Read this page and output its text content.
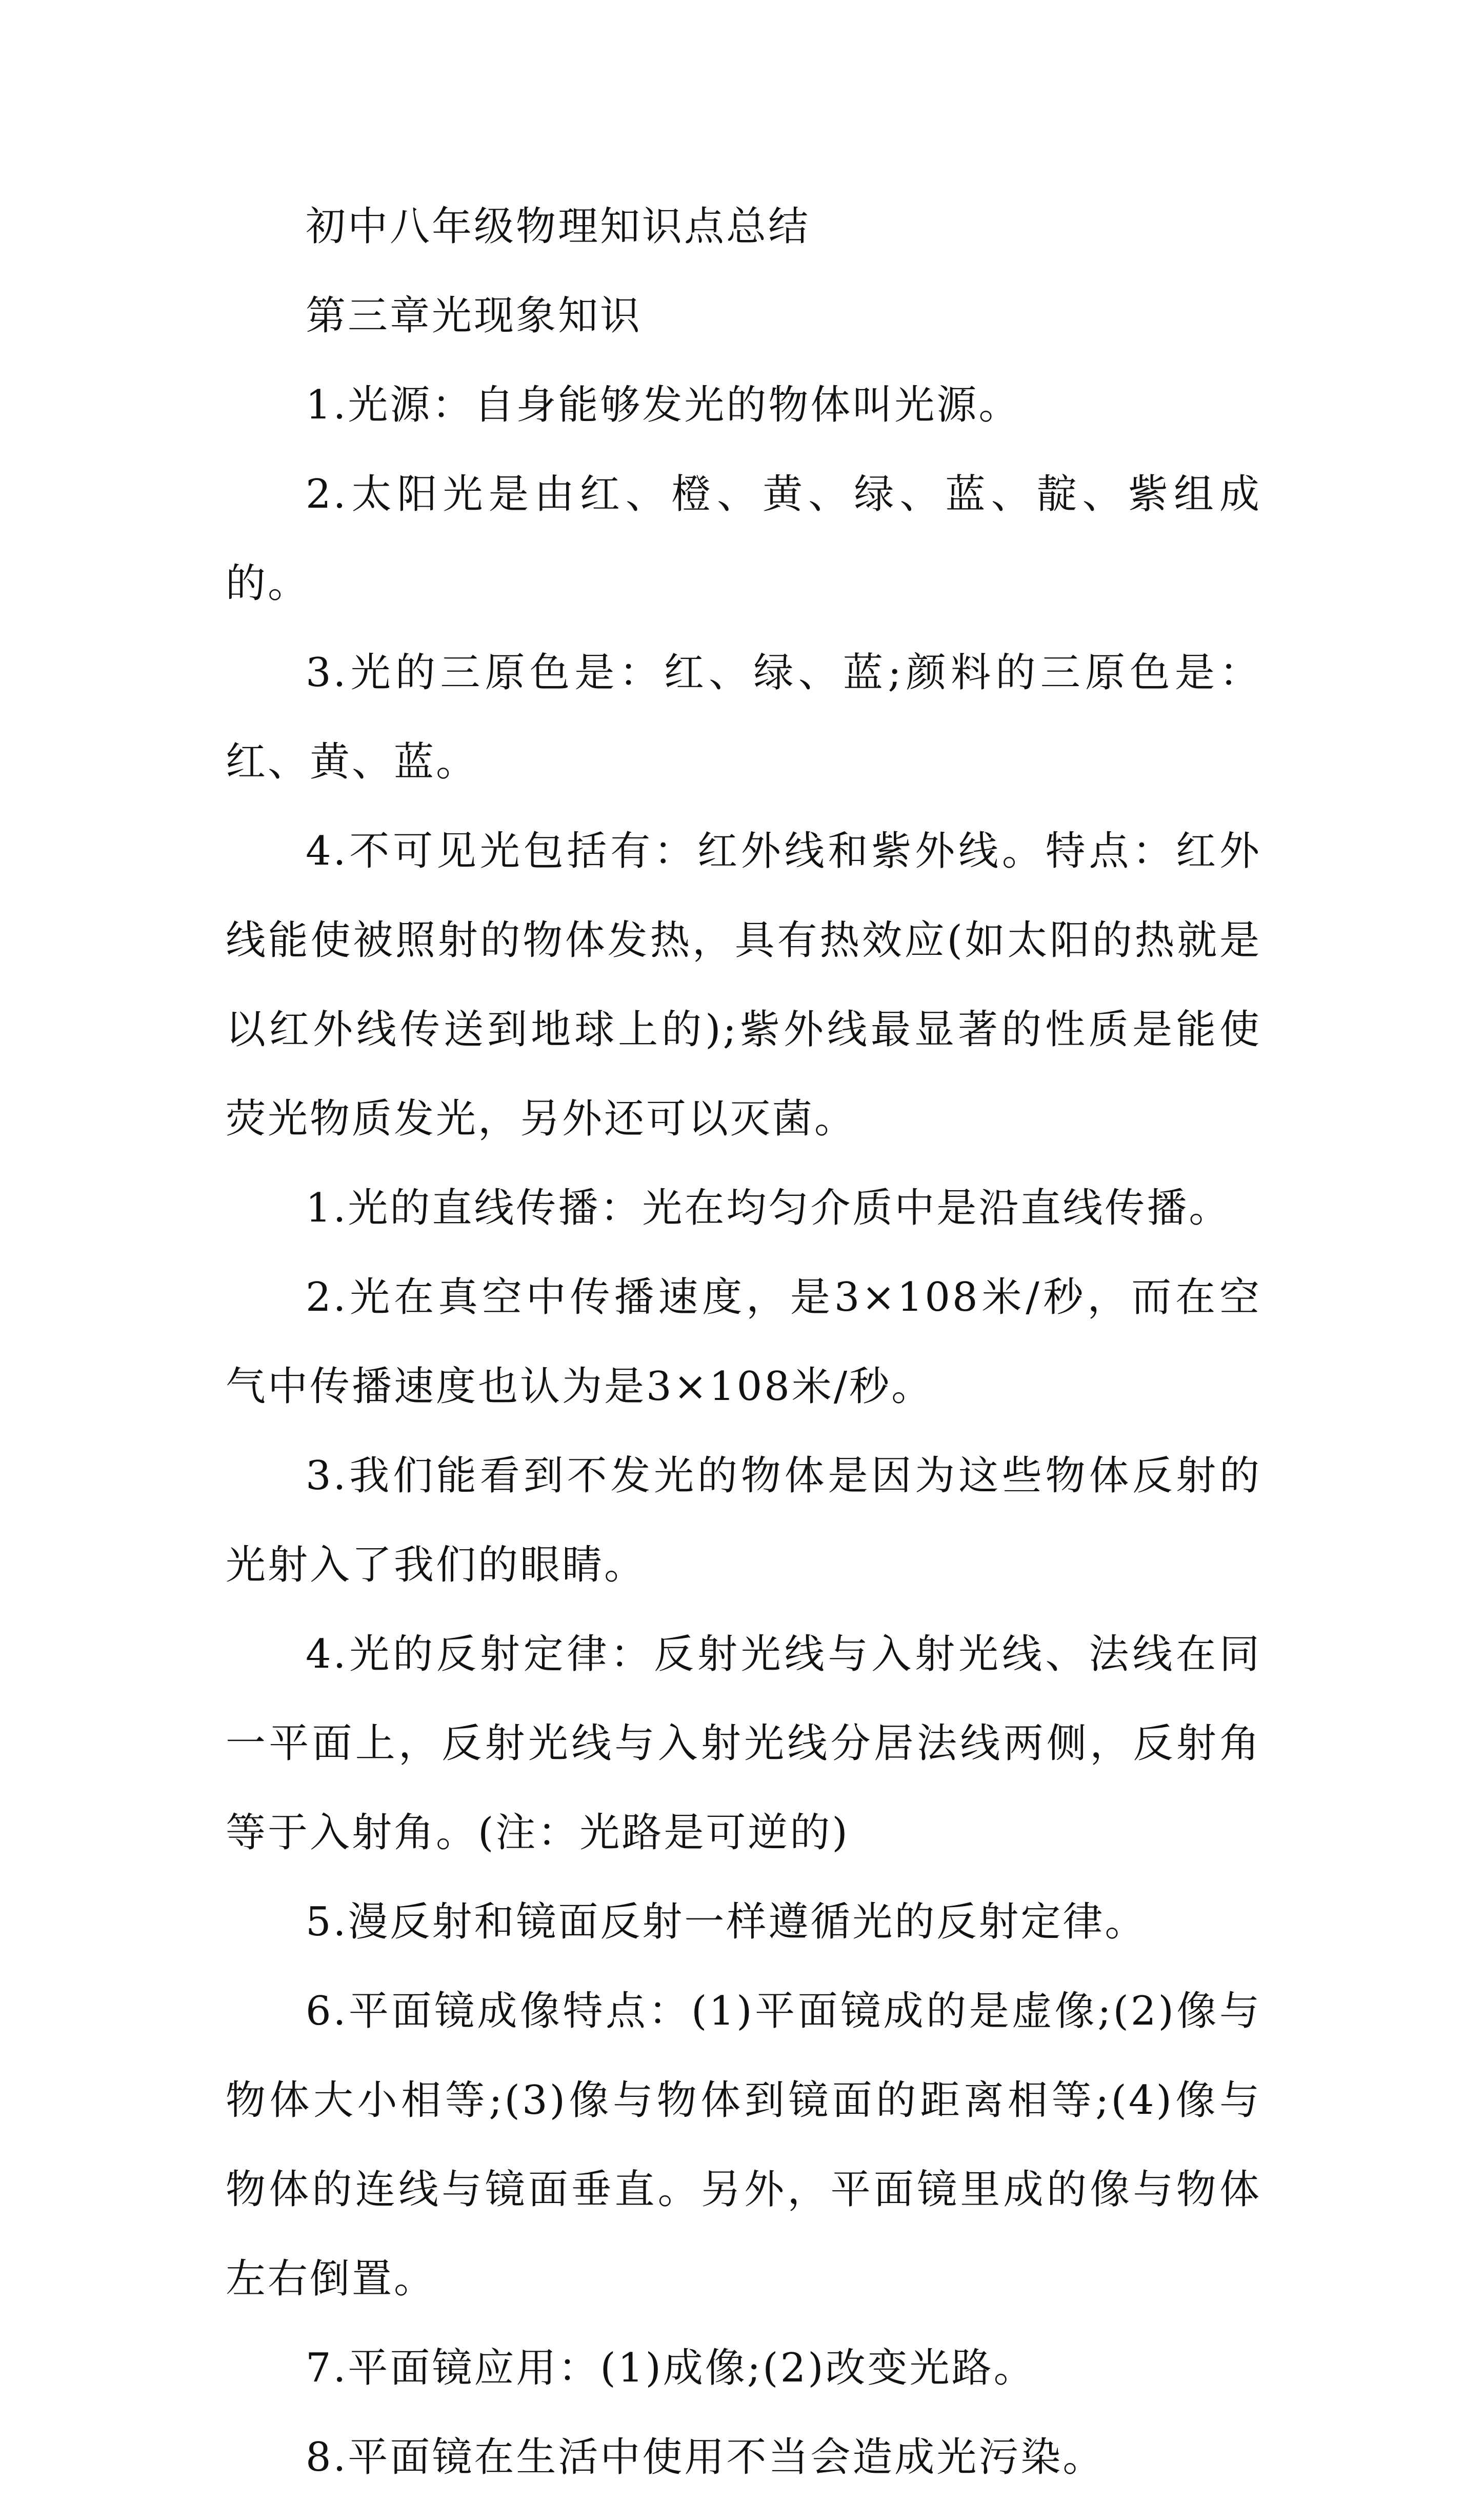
初中八年级物理知识点总结

第三章光现象知识

1.光源：自身能够发光的物体叫光源。

2.太阳光是由红、橙、黄、绿、蓝、靛、紫组成的。

3.光的三原色是：红、绿、蓝;颜料的三原色是：红、黄、蓝。

4.不可见光包括有：红外线和紫外线。特点：红外线能使被照射的物体发热，具有热效应(如太阳的热就是以红外线传送到地球上的);紫外线最显著的性质是能使荧光物质发光，另外还可以灭菌。

1.光的直线传播：光在均匀介质中是沿直线传播。

2.光在真空中传播速度，是3×108米/秒，而在空气中传播速度也认为是3×108米/秒。

3.我们能看到不发光的物体是因为这些物体反射的光射入了我们的眼睛。

4.光的反射定律：反射光线与入射光线、法线在同一平面上，反射光线与入射光线分居法线两侧，反射角等于入射角。(注：光路是可逆的)

5.漫反射和镜面反射一样遵循光的反射定律。

6.平面镜成像特点：(1)平面镜成的是虚像;(2)像与物体大小相等;(3)像与物体到镜面的距离相等;(4)像与物体的连线与镜面垂直。另外，平面镜里成的像与物体左右倒置。

7.平面镜应用：(1)成像;(2)改变光路。

8.平面镜在生活中使用不当会造成光污染。
